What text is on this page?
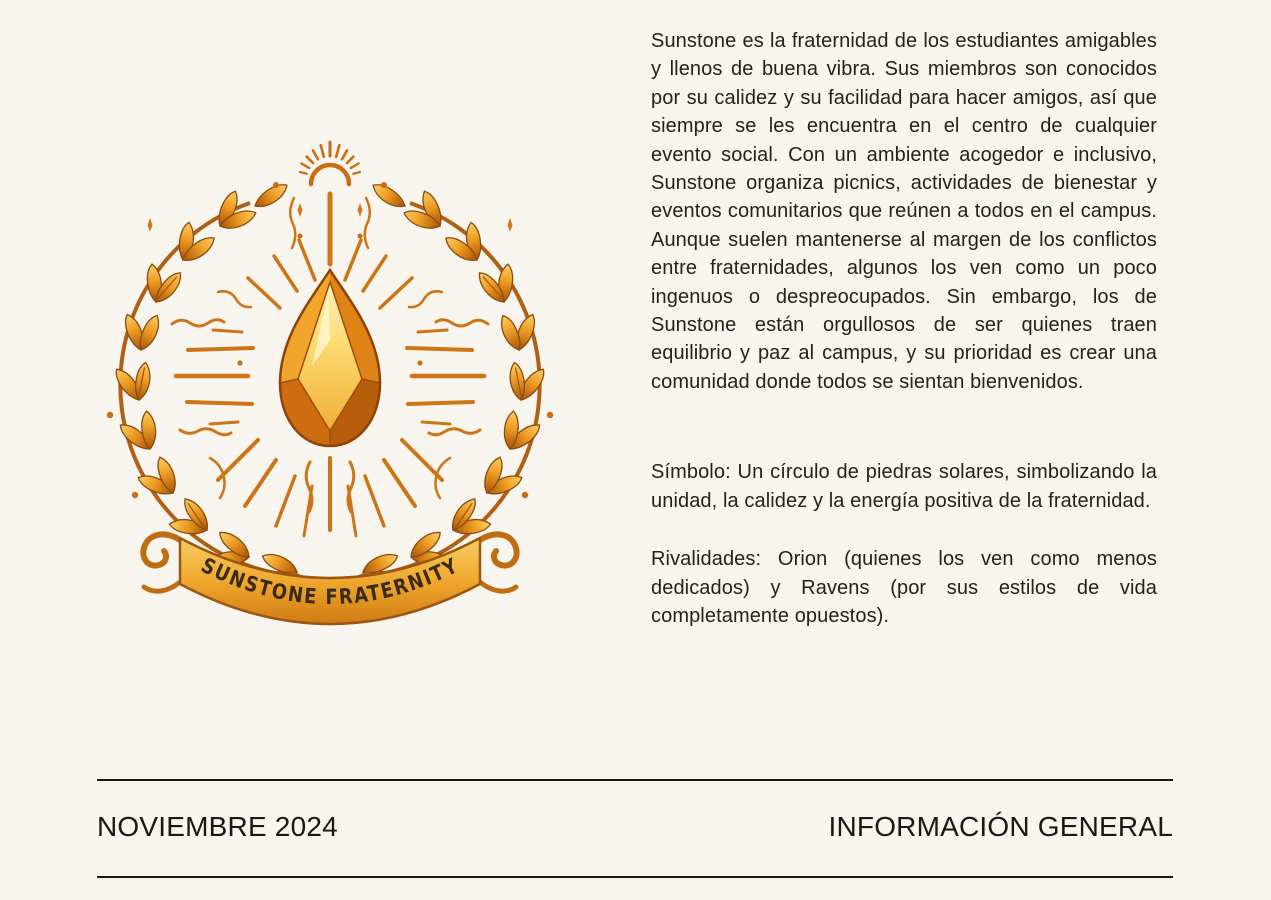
SUNSTONE FRATERNITY

Sunstone es la fraternidad de los estudiantes amigables y llenos de buena vibra. Sus miembros son conocidos por su calidez y su facilidad para hacer amigos, así que siempre se les encuentra en el centro de cualquier evento social. Con un ambiente acogedor e inclusivo, Sunstone organiza picnics, actividades de bienestar y eventos comunitarios que reúnen a todos en el campus. Aunque suelen mantenerse al margen de los conflictos entre fraternidades, algunos los ven como un poco ingenuos o despreocupados. Sin embargo, los de Sunstone están orgullosos de ser quienes traen equilibrio y paz al campus, y su prioridad es crear una comunidad donde todos se sientan bienvenidos.

Símbolo: Un círculo de piedras solares, simbolizando la unidad, la calidez y la energía positiva de la fraternidad.

Rivalidades: Orion (quienes los ven como menos dedicados) y Ravens (por sus estilos de vida completamente opuestos).

NOVIEMBRE 2024	INFORMACIÓN GENERAL
